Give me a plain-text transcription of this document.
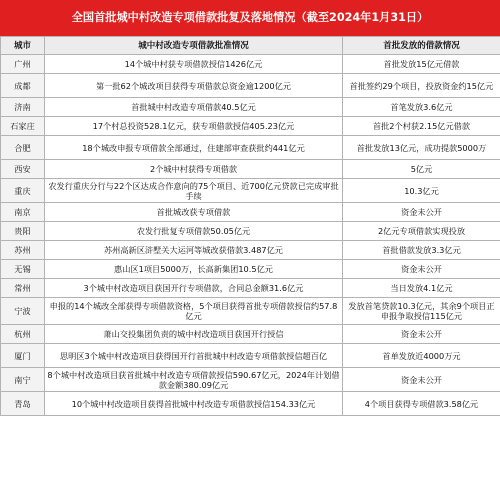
全国首批城中村改造专项借款批复及落地情况（截至2024年1月31日）
城市	城中村改造专项借款批准情况	首批发放的借款情况
广州	14个城中村获专项借款授信1426亿元	首批发放15亿元借款
成都	第一批62个城改项目获得专项借款总资金逾1200亿元	首批签约29个项目，投放资金约15亿元
济南	首批城中村改造专项借款40.5亿元	首笔发放3.6亿元
石家庄	17个村总投资528.1亿元，获专项借款授信405.23亿元	首批2个村获2.15亿元借款
合肥	18个城改申报专项借款全部通过，住建部审查获批约441亿元	首批发放13亿元，成功提款5000万
西安	2个城中村获得专项借款	5亿元
重庆	农发行重庆分行与22个区达成合作意向的75个项目、近700亿元贷款已完成审批手续	10.3亿元
南京	首批城改获专项借款	资金未公开
贵阳	农发行批复专项借款50.05亿元	2亿元专项借款实现投放
苏州	苏州高新区浒墅关大运河等城改获借款3.487亿元	首批借款发放3.3亿元
无锡	惠山区1项目5000万，长高新集团10.5亿元	资金未公开
常州	3个城中村改造项目获国开行专项借款，合同总金额31.6亿元	当日发放4.1亿元
宁波	申报的14个城改全部获得专项借款资格，5个项目获得首批专项借款授信约57.8亿元	发放首笔贷款10.3亿元，其余9个项目正申报争取授信115亿元
杭州	萧山交投集团负责的城中村改造项目获国开行授信	资金未公开
厦门	思明区3个城中村改造项目获得国开行首批城中村改造专项借款授信超百亿	首单发放近4000万元
南宁	8个城中村改造项目获首批城中村改造专项借款授信590.67亿元，2024年计划借款金额380.09亿元	资金未公开
青岛	10个城中村改造项目获得首批城中村改造专项借款授信154.33亿元	4个项目获得专项借款3.58亿元
